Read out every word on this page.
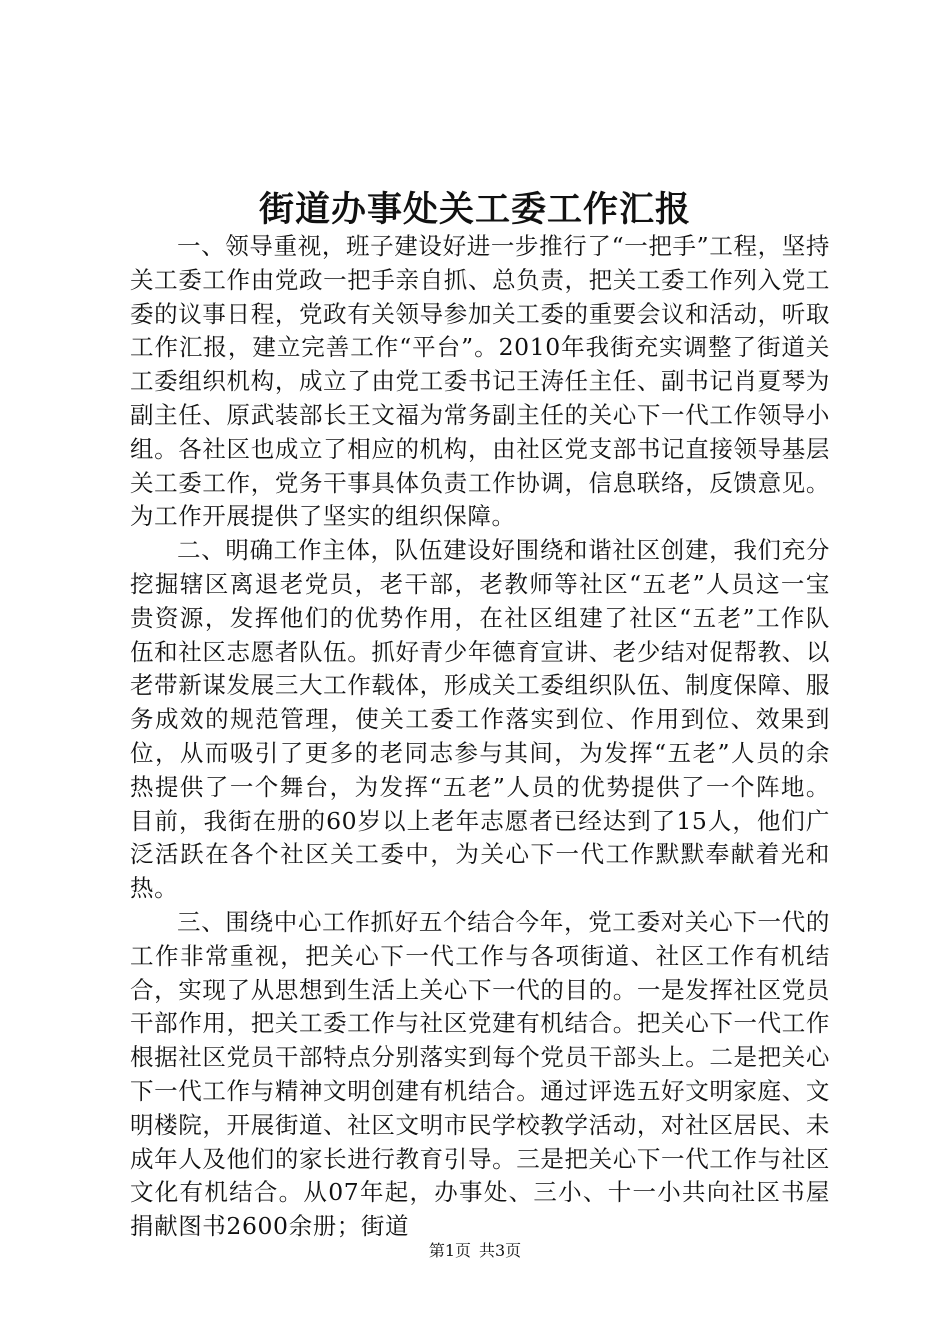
街道办事处关工委工作汇报

一、领导重视，班子建设好进一步推行了“一把手”工程，坚持关工委工作由党政一把手亲自抓、总负责，把关工委工作列入党工委的议事日程，党政有关领导参加关工委的重要会议和活动，听取工作汇报，建立完善工作“平台”。2010年我街充实调整了街道关工委组织机构，成立了由党工委书记王涛任主任、副书记肖夏琴为副主任、原武装部长王文福为常务副主任的关心下一代工作领导小组。各社区也成立了相应的机构，由社区党支部书记直接领导基层关工委工作，党务干事具体负责工作协调，信息联络，反馈意见。为工作开展提供了坚实的组织保障。

二、明确工作主体，队伍建设好围绕和谐社区创建，我们充分挖掘辖区离退老党员，老干部，老教师等社区“五老”人员这一宝贵资源，发挥他们的优势作用，在社区组建了社区“五老”工作队伍和社区志愿者队伍。抓好青少年德育宣讲、老少结对促帮教、以老带新谋发展三大工作载体，形成关工委组织队伍、制度保障、服务成效的规范管理，使关工委工作落实到位、作用到位、效果到位，从而吸引了更多的老同志参与其间，为发挥“五老”人员的余热提供了一个舞台，为发挥“五老”人员的优势提供了一个阵地。目前，我街在册的60岁以上老年志愿者已经达到了15人，他们广泛活跃在各个社区关工委中，为关心下一代工作默默奉献着光和热。

三、围绕中心工作抓好五个结合今年，党工委对关心下一代的工作非常重视，把关心下一代工作与各项街道、社区工作有机结合，实现了从思想到生活上关心下一代的目的。一是发挥社区党员干部作用，把关工委工作与社区党建有机结合。把关心下一代工作根据社区党员干部特点分别落实到每个党员干部头上。二是把关心下一代工作与精神文明创建有机结合。通过评选五好文明家庭、文明楼院，开展街道、社区文明市民学校教学活动，对社区居民、未成年人及他们的家长进行教育引导。三是把关心下一代工作与社区文化有机结合。从07年起，办事处、三小、十一小共向社区书屋捐献图书2600余册；街道

第1页 共3页
